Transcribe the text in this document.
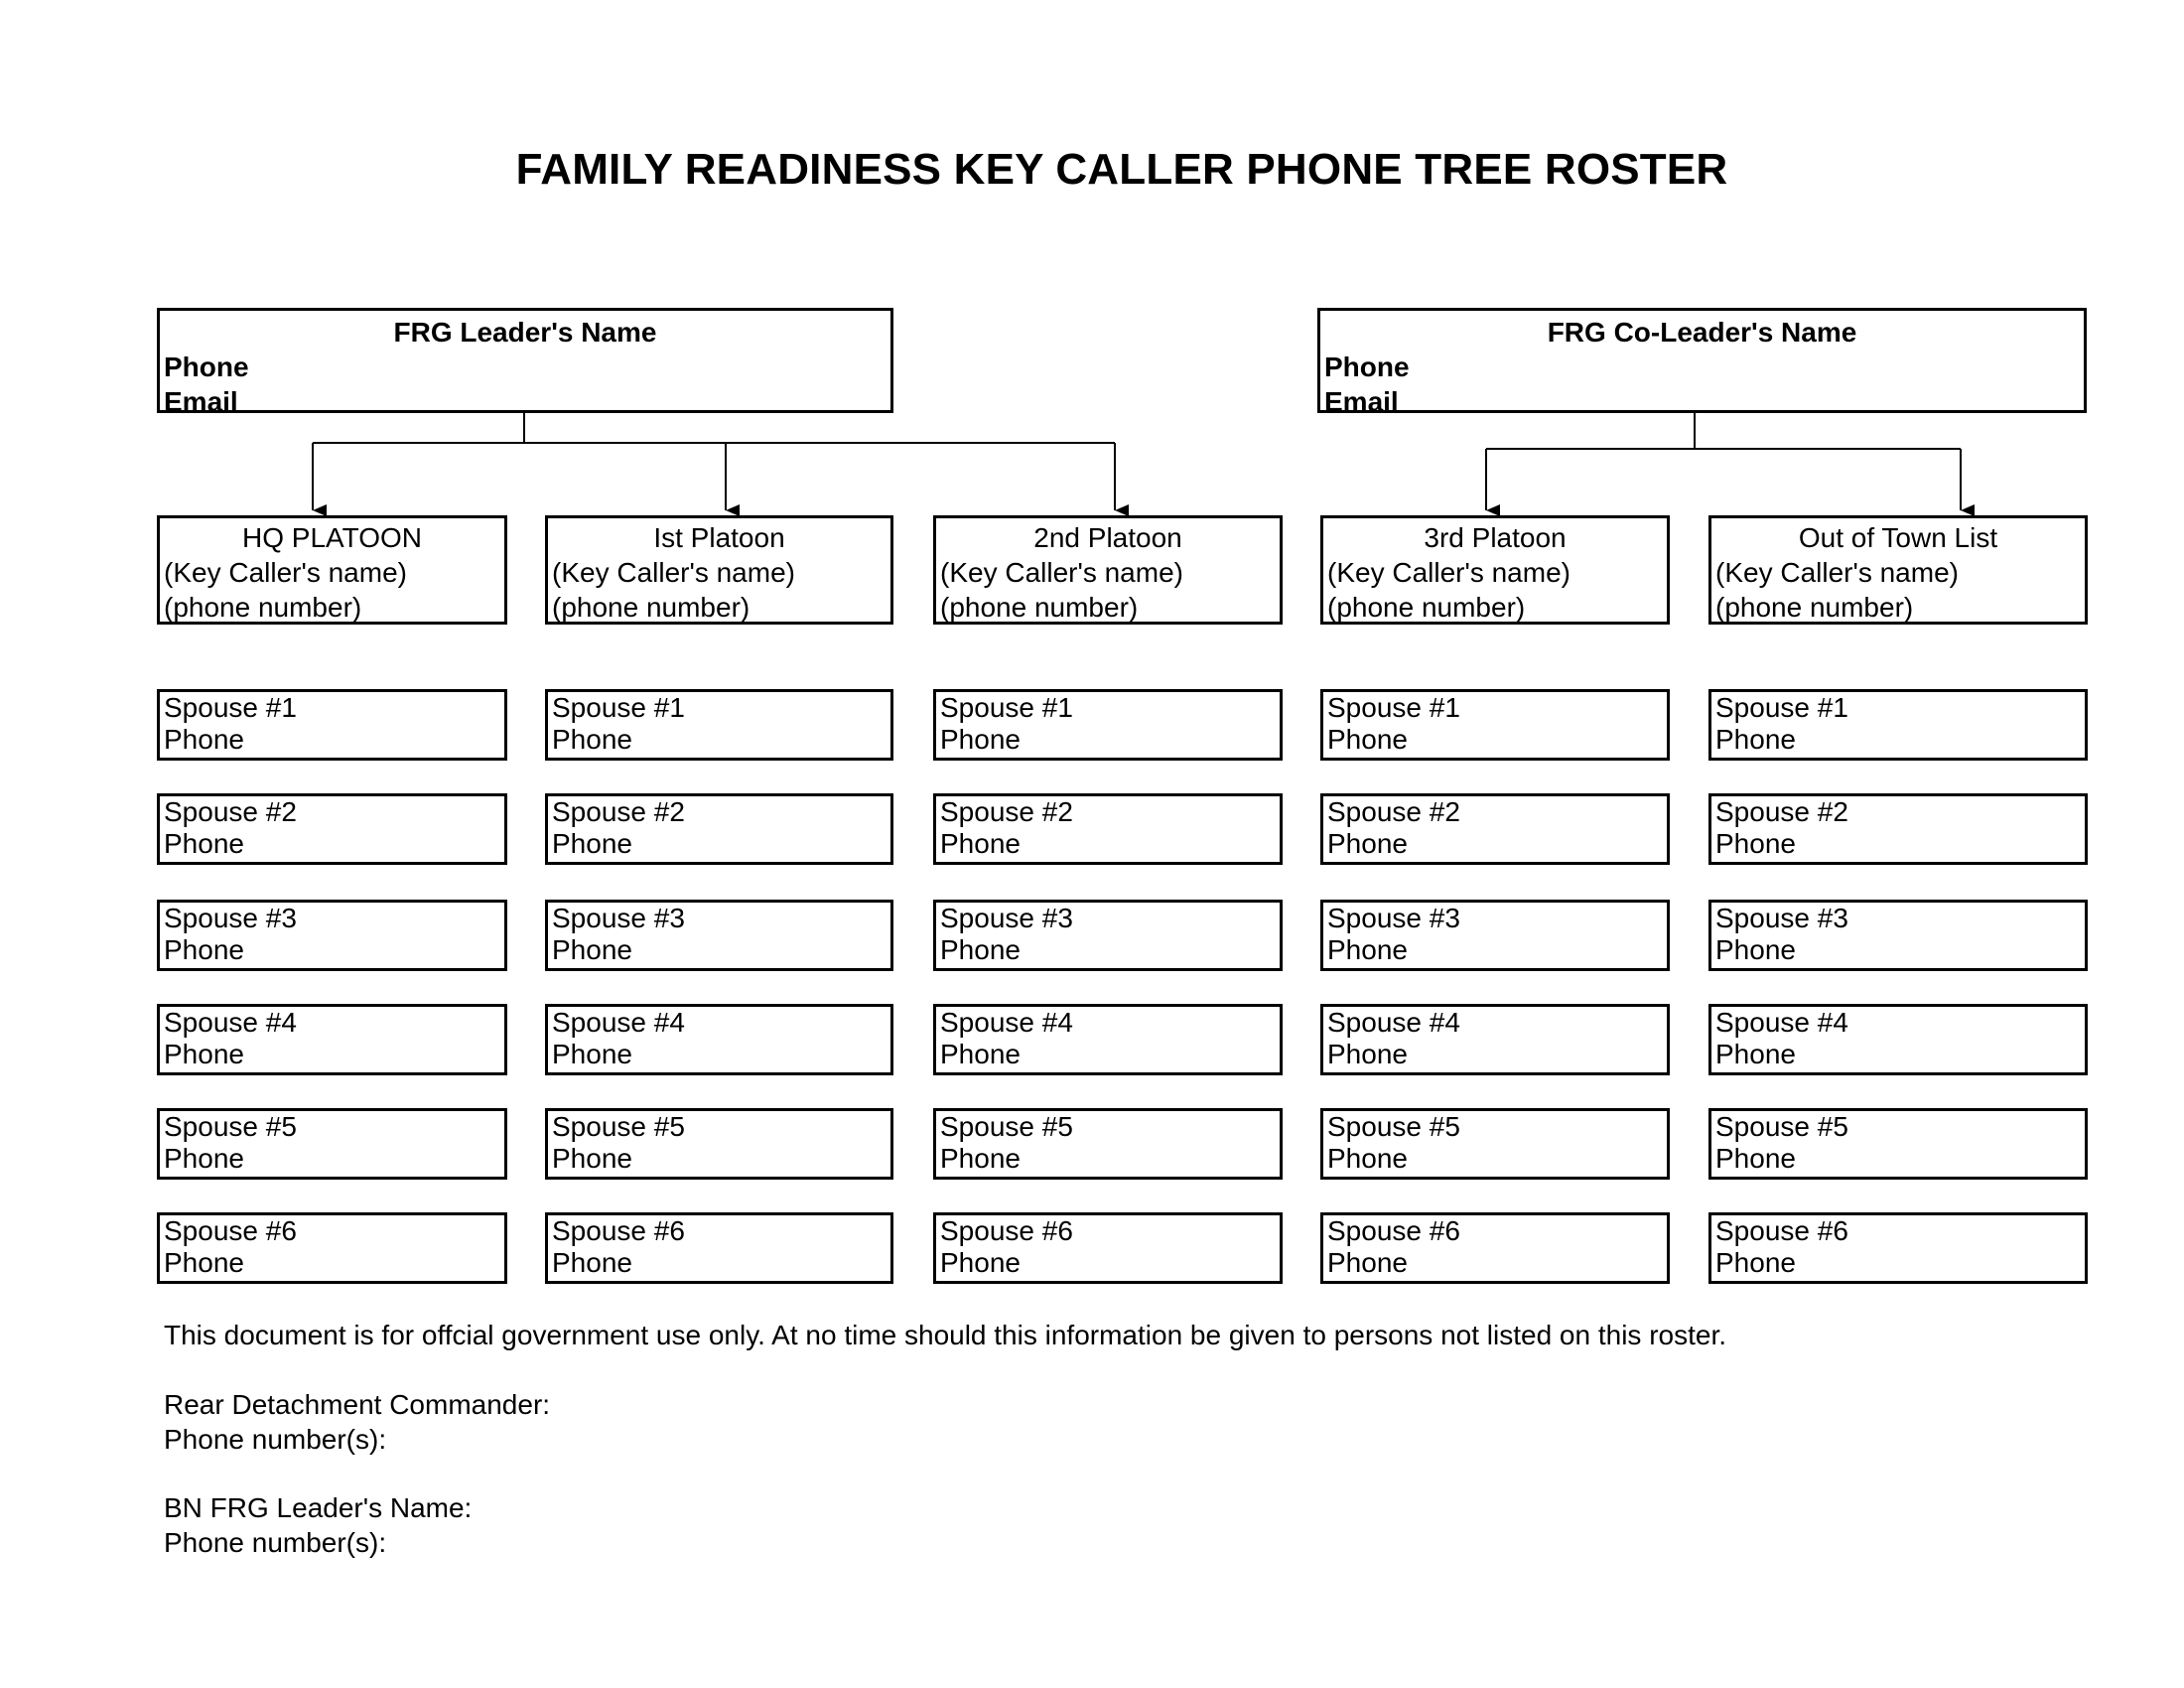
FAMILY READINESS KEY CALLER PHONE TREE ROSTER
FRG Leader's Name
Phone
Email
FRG Co-Leader's Name
Phone
Email
HQ PLATOON
(Key Caller's name)
(phone number)
Ist Platoon
(Key Caller's name)
(phone number)
2nd Platoon
(Key Caller's name)
(phone number)
3rd Platoon
(Key Caller's name)
(phone number)
Out of Town List
(Key Caller's name)
(phone number)
Spouse #1
Phone
Spouse #2
Phone
Spouse #3
Phone
Spouse #4
Phone
Spouse #5
Phone
Spouse #6
Phone
Spouse #1
Phone
Spouse #2
Phone
Spouse #3
Phone
Spouse #4
Phone
Spouse #5
Phone
Spouse #6
Phone
Spouse #1
Phone
Spouse #2
Phone
Spouse #3
Phone
Spouse #4
Phone
Spouse #5
Phone
Spouse #6
Phone
Spouse #1
Phone
Spouse #2
Phone
Spouse #3
Phone
Spouse #4
Phone
Spouse #5
Phone
Spouse #6
Phone
Spouse #1
Phone
Spouse #2
Phone
Spouse #3
Phone
Spouse #4
Phone
Spouse #5
Phone
Spouse #6
Phone
This document is for offcial government use only. At no time should this information be given to persons not listed on this roster.
Rear Detachment Commander:
Phone number(s):
BN FRG Leader's Name:
Phone number(s):
